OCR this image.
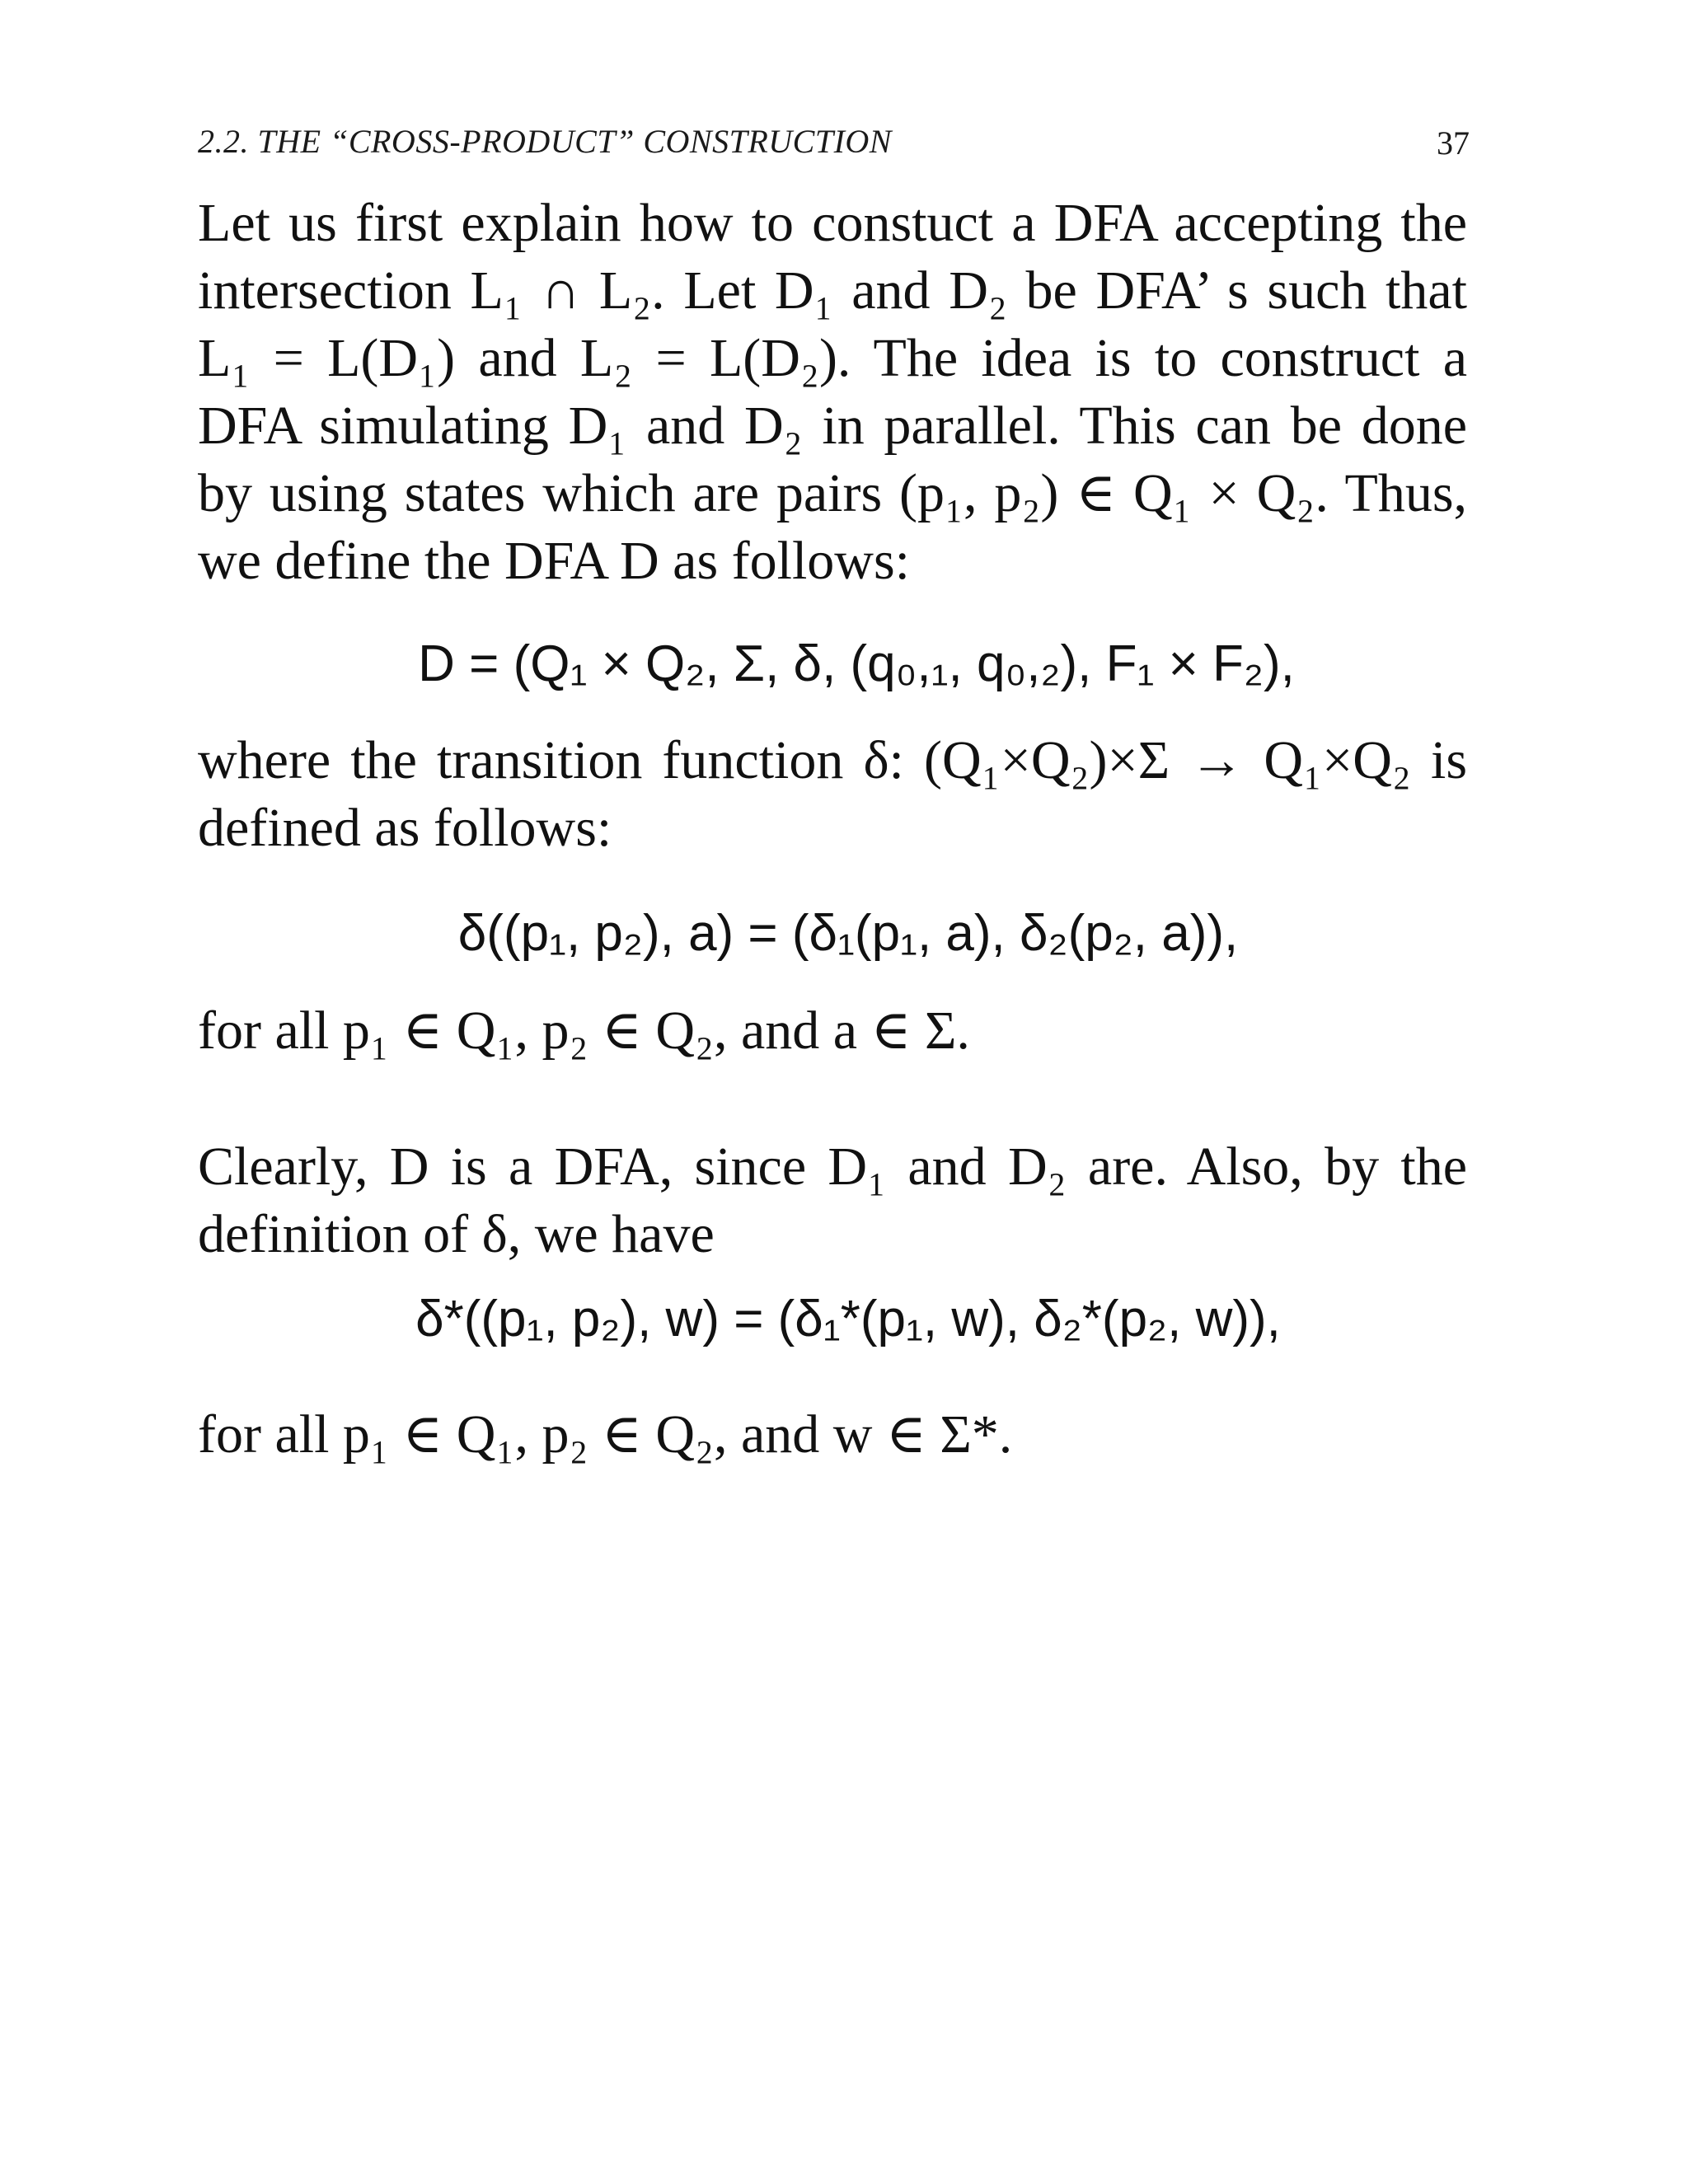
2.2. THE “CROSS-PRODUCT” CONSTRUCTION	37

Let us first explain how to constuct a DFA accepting the intersection L₁ ∩ L₂. Let D₁ and D₂ be DFA’ s such that L₁ = L(D₁) and L₂ = L(D₂). The idea is to construct a DFA simulating D₁ and D₂ in parallel. This can be done by using states which are pairs (p₁, p₂) ∈ Q₁ × Q₂. Thus, we define the DFA D as follows:

D = (Q₁ × Q₂, Σ, δ, (q₀,₁, q₀,₂), F₁ × F₂),

where the transition function δ: (Q₁×Q₂)×Σ → Q₁×Q₂ is defined as follows:

δ((p₁, p₂), a) = (δ₁(p₁, a), δ₂(p₂, a)),

for all p₁ ∈ Q₁, p₂ ∈ Q₂, and a ∈ Σ.

Clearly, D is a DFA, since D₁ and D₂ are. Also, by the definition of δ, we have

δ*((p₁, p₂), w) = (δ₁*(p₁, w), δ₂*(p₂, w)),

for all p₁ ∈ Q₁, p₂ ∈ Q₂, and w ∈ Σ*.
